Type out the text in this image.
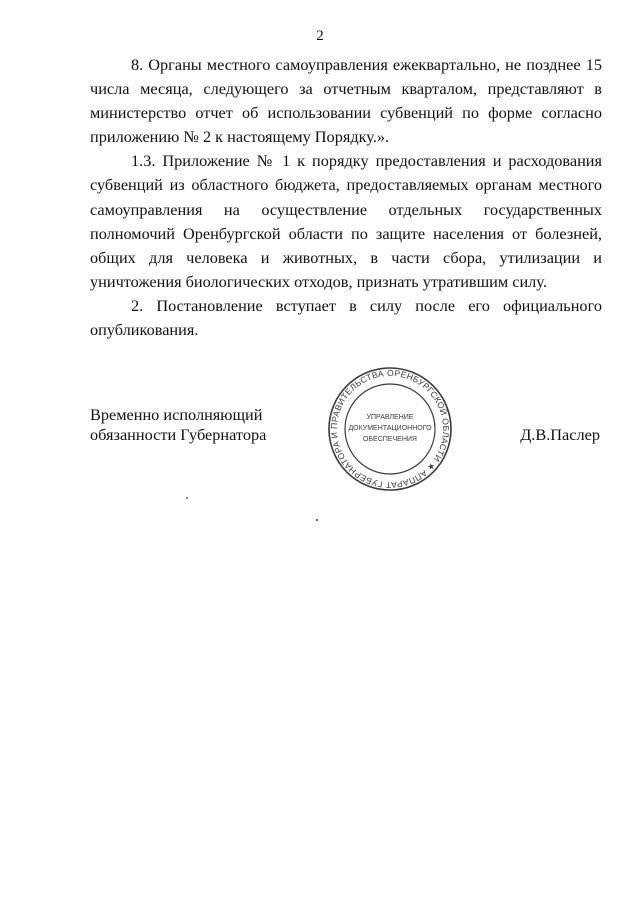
2

8. Органы местного самоуправления ежеквартально, не позднее 15 числа месяца, следующего за отчетным кварталом, представляют в министерство отчет об использовании субвенций по форме согласно приложению № 2 к настоящему Порядку.».

1.3. Приложение № 1 к порядку предоставления и расходования субвенций из областного бюджета, предоставляемых органам местного самоуправления на осуществление отдельных государственных полномочий Оренбургской области по защите населения от болезней, общих для человека и животных, в части сбора, утилизации и уничтожения биологических отходов, признать утратившим силу.

2. Постановление вступает в силу после его официального опубликования.

Временно исполняющий
обязанности Губернатора	Д.В.Паслер
ПРАВИТЕЛЬСТВА ОРЕНБУРГСКОЙ ОБЛАСТИ ★ АППАРАТ ГУБЕРНАТОРА И
УПРАВЛЕНИЕ
ДОКУМЕНТАЦИОННОГО
ОБЕСПЕЧЕНИЯ
